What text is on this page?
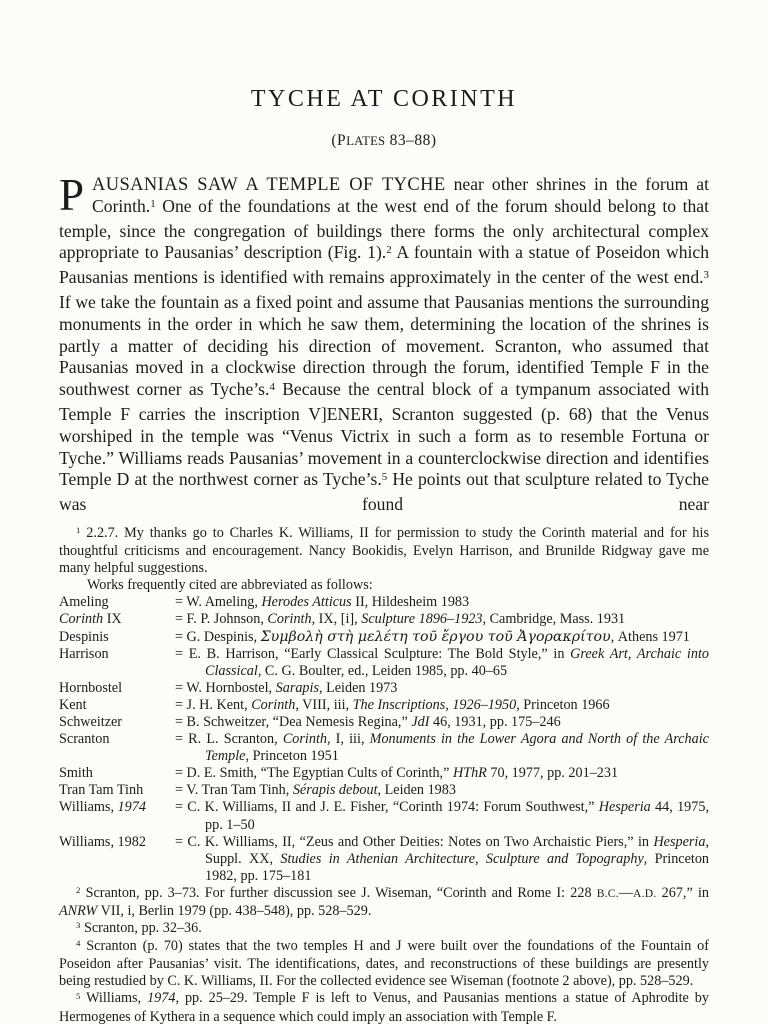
TYCHE AT CORINTH
(PLATES 83–88)

PAUSANIAS SAW A TEMPLE OF TYCHE near other shrines in the forum at Corinth.$^1$ One of the foundations at the west end of the forum should belong to that temple, since the congregation of buildings there forms the only architectural complex appropriate to Pausanias’ description (Fig. 1).$^2$ A fountain with a statue of Poseidon which Pausanias mentions is identified with remains approximately in the center of the west end.$^3$ If we take the fountain as a fixed point and assume that Pausanias mentions the surrounding monuments in the order in which he saw them, determining the location of the shrines is partly a matter of deciding his direction of movement. Scranton, who assumed that Pausanias moved in a clockwise direction through the forum, identified Temple F in the southwest corner as Tyche’s.$^4$ Because the central block of a tympanum associated with Temple F carries the inscription V]ENERI, Scranton suggested (p. 68) that the Venus worshiped in the temple was “Venus Victrix in such a form as to resemble Fortuna or Tyche.” Williams reads Pausanias’ movement in a counterclockwise direction and identifies Temple D at the northwest corner as Tyche’s.$^5$ He points out that sculpture related to Tyche was found near

$^1$ 2.2.7. My thanks go to Charles K. Williams, II for permission to study the Corinth material and for his thoughtful criticisms and encouragement. Nancy Bookidis, Evelyn Harrison, and Brunilde Ridgway gave me many helpful suggestions.

Works frequently cited are abbreviated as follows:

Ameling	= W. Ameling, Herodes Atticus II, Hildesheim 1983
Corinth IX	= F. P. Johnson, Corinth, IX, [i], Sculpture 1896–1923, Cambridge, Mass. 1931
Despinis	= G. Despinis, Συμβολὴ στὴ μελέτη τοῦ ἔργου τοῦ Ἀγορακρίτου, Athens 1971
Harrison	= E. B. Harrison, “Early Classical Sculpture: The Bold Style,” in Greek Art, Archaic into Classical, C. G. Boulter, ed., Leiden 1985, pp. 40–65
Hornbostel	= W. Hornbostel, Sarapis, Leiden 1973
Kent	= J. H. Kent, Corinth, VIII, iii, The Inscriptions, 1926–1950, Princeton 1966
Schweitzer	= B. Schweitzer, “Dea Nemesis Regina,” JdI 46, 1931, pp. 175–246
Scranton	= R. L. Scranton, Corinth, I, iii, Monuments in the Lower Agora and North of the Archaic Temple, Princeton 1951
Smith	= D. E. Smith, “The Egyptian Cults of Corinth,” HThR 70, 1977, pp. 201–231
Tran Tam Tinh	= V. Tran Tam Tinh, Sérapis debout, Leiden 1983
Williams, 1974	= C. K. Williams, II and J. E. Fisher, “Corinth 1974: Forum Southwest,” Hesperia 44, 1975, pp. 1–50
Williams, 1982	= C. K. Williams, II, “Zeus and Other Deities: Notes on Two Archaistic Piers,” in Hesperia, Suppl. XX, Studies in Athenian Architecture, Sculpture and Topography, Princeton 1982, pp. 175–181

$^2$ Scranton, pp. 3–73. For further discussion see J. Wiseman, “Corinth and Rome I: 228 B.C.—A.D. 267,” in ANRW VII, i, Berlin 1979 (pp. 438–548), pp. 528–529.

$^3$ Scranton, pp. 32–36.

$^4$ Scranton (p. 70) states that the two temples H and J were built over the foundations of the Fountain of Poseidon after Pausanias’ visit. The identifications, dates, and reconstructions of these buildings are presently being restudied by C. K. Williams, II. For the collected evidence see Wiseman (footnote 2 above), pp. 528–529.

$^5$ Williams, 1974, pp. 25–29. Temple F is left to Venus, and Pausanias mentions a statue of Aphrodite by Hermogenes of Kythera in a sequence which could imply an association with Temple F.
